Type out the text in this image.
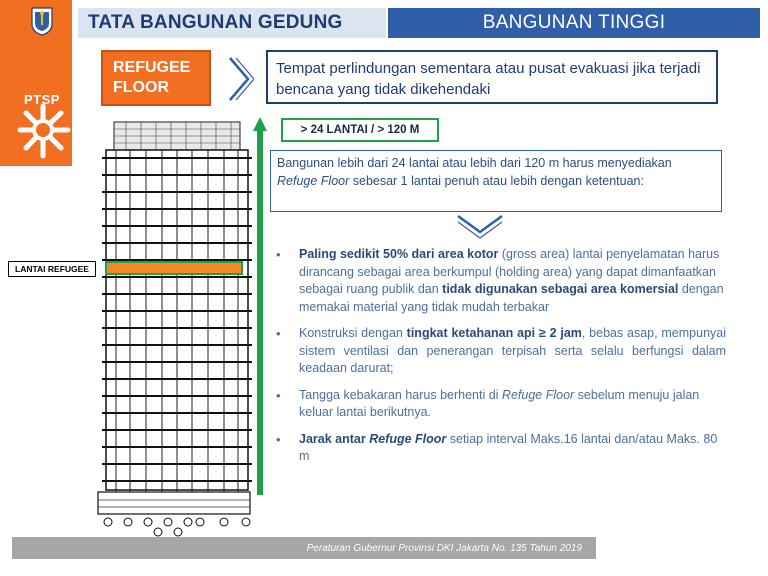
PTSP
TATA BANGUNAN GEDUNG	BANGUNAN TINGGI
REFUGEE
FLOOR
Tempat perlindungan sementara atau pusat evakuasi jika terjadi bencana yang tidak dikehendaki
LANTAI REFUGEE
> 24 LANTAI / > 120 M

Bangunan lebih dari 24 lantai atau lebih dari 120 m harus menyediakan Refuge Floor sebesar 1 lantai penuh atau lebih dengan ketentuan:

• Paling sedikit 50% dari area kotor (gross area) lantai penyelamatan harus dirancang sebagai area berkumpul (holding area) yang dapat dimanfaatkan sebagai ruang publik dan tidak digunakan sebagai area komersial dengan memakai material yang tidak mudah terbakar
• Konstruksi dengan tingkat ketahanan api ≥ 2 jam, bebas asap, mempunyai sistem ventilasi dan penerangan terpisah serta selalu berfungsi dalam keadaan darurat;
• Tangga kebakaran harus berhenti di Refuge Floor sebelum menuju jalan keluar lantai berikutnya.
• Jarak antar Refuge Floor setiap interval Maks.16 lantai dan/atau Maks. 80 m
Peraturan Gubernur Provinsi DKI Jakarta No. 135 Tahun 2019
